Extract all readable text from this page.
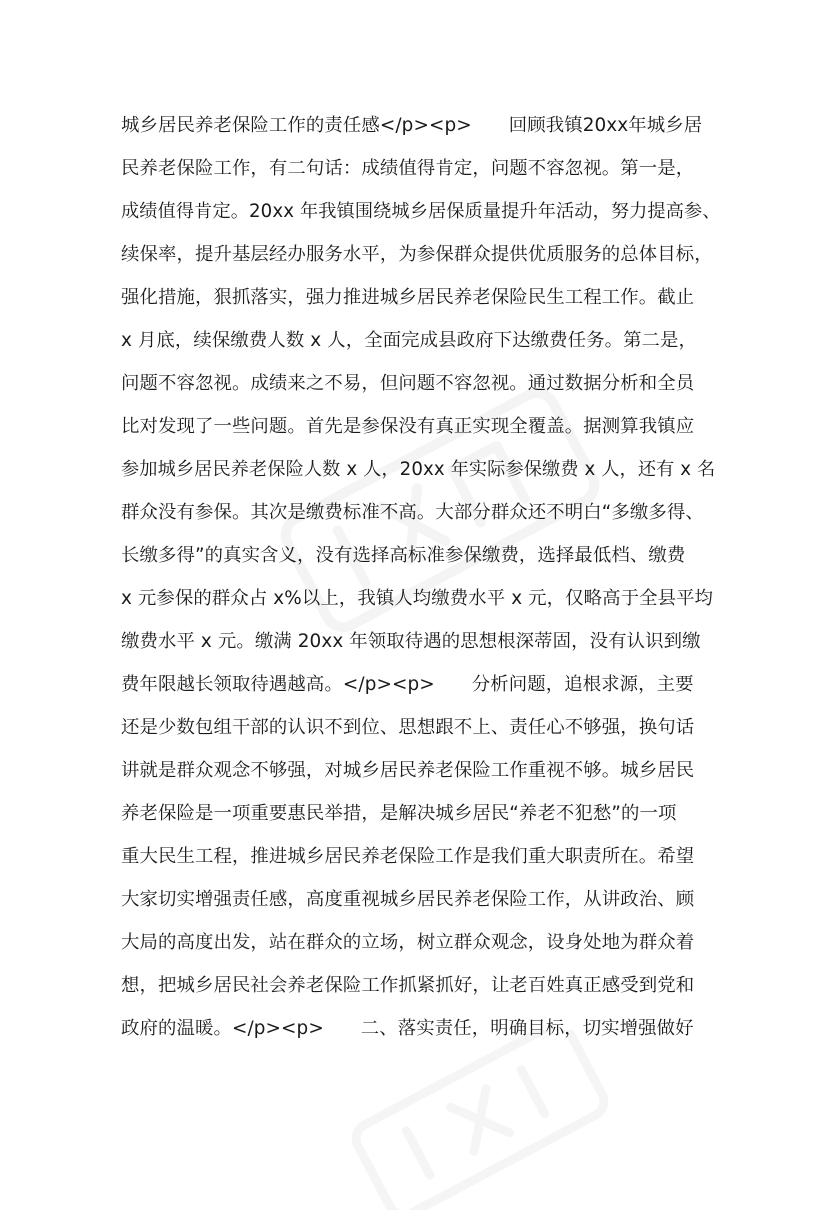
城乡居民养老保险工作的责任感</p><p>　　回顾我镇20xx年城乡居
民养老保险工作，有二句话：成绩值得肯定，问题不容忽视。第一是，
成绩值得肯定。20xx 年我镇围绕城乡居保质量提升年活动，努力提高参、
续保率，提升基层经办服务水平，为参保群众提供优质服务的总体目标，
强化措施，狠抓落实，强力推进城乡居民养老保险民生工程工作。截止
x 月底，续保缴费人数 x 人，全面完成县政府下达缴费任务。第二是，
问题不容忽视。成绩来之不易，但问题不容忽视。通过数据分析和全员
比对发现了一些问题。首先是参保没有真正实现全覆盖。据测算我镇应
参加城乡居民养老保险人数 x 人，20xx 年实际参保缴费 x 人，还有 x 名
群众没有参保。其次是缴费标准不高。大部分群众还不明白“多缴多得、
长缴多得”的真实含义，没有选择高标准参保缴费，选择最低档、缴费
x 元参保的群众占 x%以上，我镇人均缴费水平 x 元，仅略高于全县平均
缴费水平 x 元。缴满 20xx 年领取待遇的思想根深蒂固，没有认识到缴
费年限越长领取待遇越高。</p><p>　　分析问题，追根求源，主要
还是少数包组干部的认识不到位、思想跟不上、责任心不够强，换句话
讲就是群众观念不够强，对城乡居民养老保险工作重视不够。城乡居民
养老保险是一项重要惠民举措，是解决城乡居民“养老不犯愁”的一项
重大民生工程，推进城乡居民养老保险工作是我们重大职责所在。希望
大家切实增强责任感，高度重视城乡居民养老保险工作，从讲政治、顾
大局的高度出发，站在群众的立场，树立群众观念，设身处地为群众着
想，把城乡居民社会养老保险工作抓紧抓好，让老百姓真正感受到党和
政府的温暖。</p><p>　　二、落实责任，明确目标，切实增强做好
